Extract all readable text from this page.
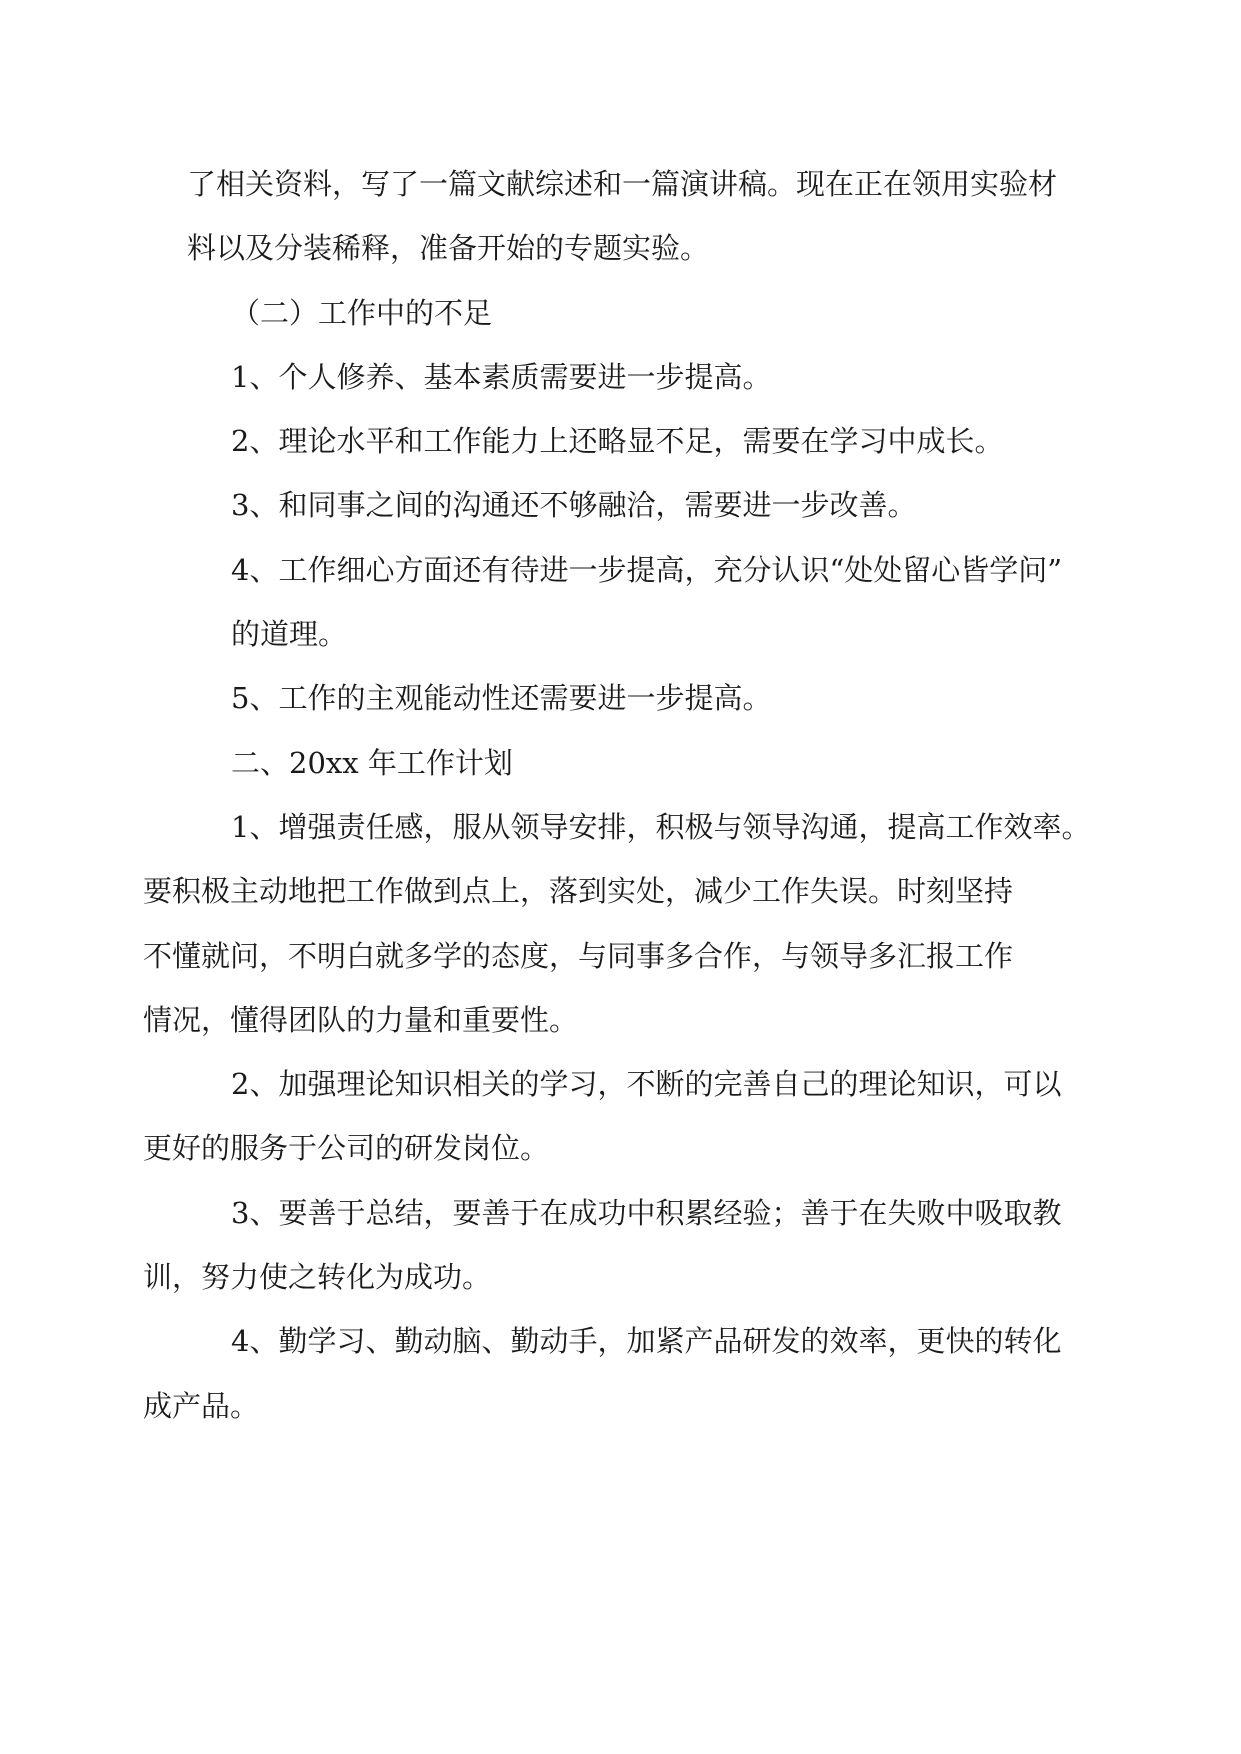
了相关资料，写了一篇文献综述和一篇演讲稿。现在正在领用实验材
料以及分装稀释，准备开始的专题实验。

（二）工作中的不足

1、个人修养、基本素质需要进一步提高。

2、理论水平和工作能力上还略显不足，需要在学习中成长。

3、和同事之间的沟通还不够融洽，需要进一步改善。

4、工作细心方面还有待进一步提高，充分认识“处处留心皆学问”
的道理。

5、工作的主观能动性还需要进一步提高。

二、20xx 年工作计划

1、增强责任感，服从领导安排，积极与领导沟通，提高工作效率。
要积极主动地把工作做到点上，落到实处，减少工作失误。时刻坚持
不懂就问，不明白就多学的态度，与同事多合作，与领导多汇报工作
情况，懂得团队的力量和重要性。

2、加强理论知识相关的学习，不断的完善自己的理论知识，可以
更好的服务于公司的研发岗位。

3、要善于总结，要善于在成功中积累经验；善于在失败中吸取教
训，努力使之转化为成功。

4、勤学习、勤动脑、勤动手，加紧产品研发的效率，更快的转化
成产品。
